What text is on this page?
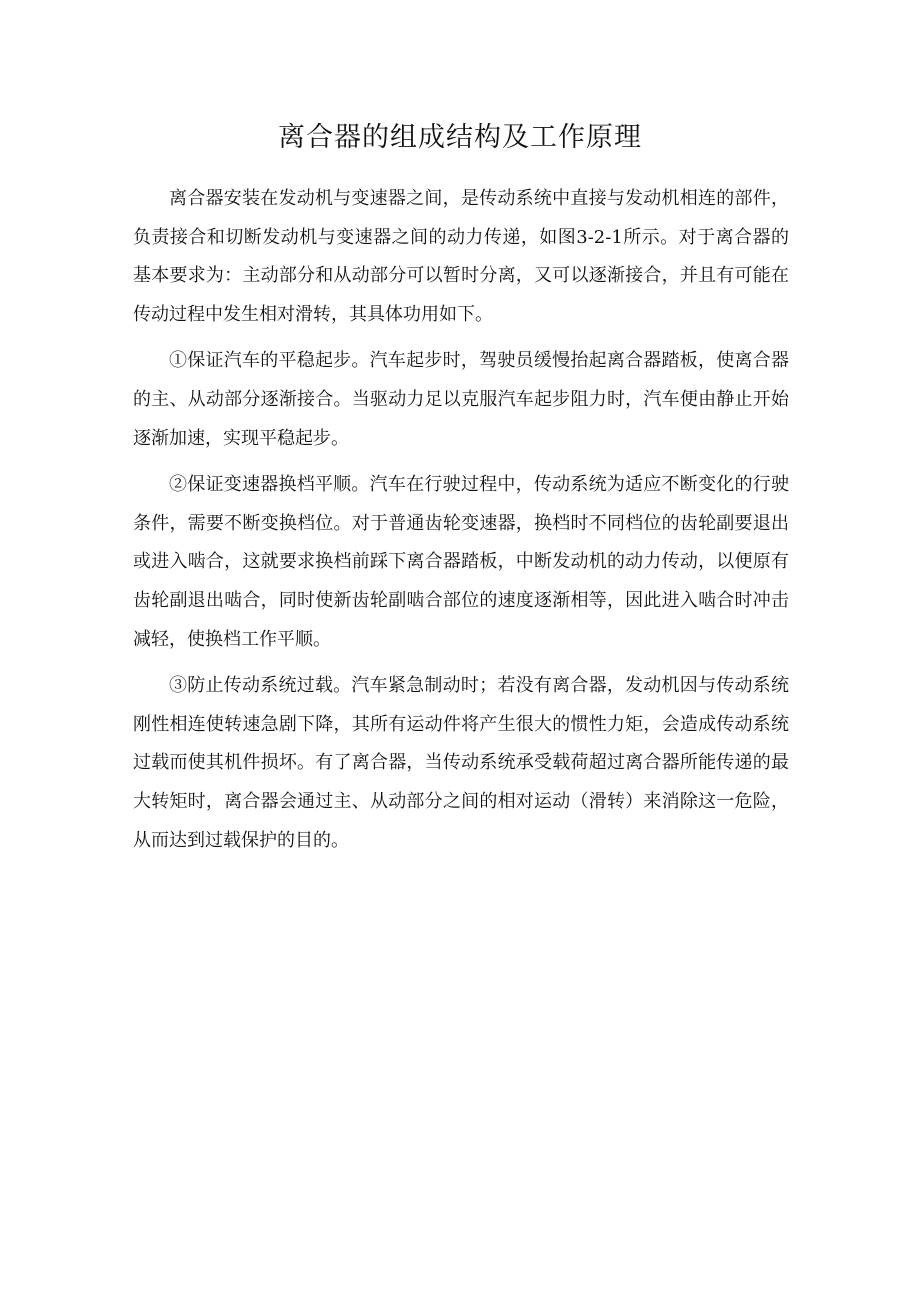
离合器的组成结构及工作原理

离合器安装在发动机与变速器之间，是传动系统中直接与发动机相连的部件，负责接合和切断发动机与变速器之间的动力传递，如图3-2-1所示。对于离合器的基本要求为：主动部分和从动部分可以暂时分离，又可以逐渐接合，并且有可能在传动过程中发生相对滑转，其具体功用如下。

①保证汽车的平稳起步。汽车起步时，驾驶员缓慢抬起离合器踏板，使离合器的主、从动部分逐渐接合。当驱动力足以克服汽车起步阻力时，汽车便由静止开始逐渐加速，实现平稳起步。

②保证变速器换档平顺。汽车在行驶过程中，传动系统为适应不断变化的行驶条件，需要不断变换档位。对于普通齿轮变速器，换档时不同档位的齿轮副要退出或进入啮合，这就要求换档前踩下离合器踏板，中断发动机的动力传动，以便原有齿轮副退出啮合，同时使新齿轮副啮合部位的速度逐渐相等，因此进入啮合时冲击减轻，使换档工作平顺。

③防止传动系统过载。汽车紧急制动时；若没有离合器，发动机因与传动系统刚性相连使转速急剧下降，其所有运动件将产生很大的惯性力矩，会造成传动系统过载而使其机件损坏。有了离合器，当传动系统承受载荷超过离合器所能传递的最大转矩时，离合器会通过主、从动部分之间的相对运动（滑转）来消除这一危险，从而达到过载保护的目的。
